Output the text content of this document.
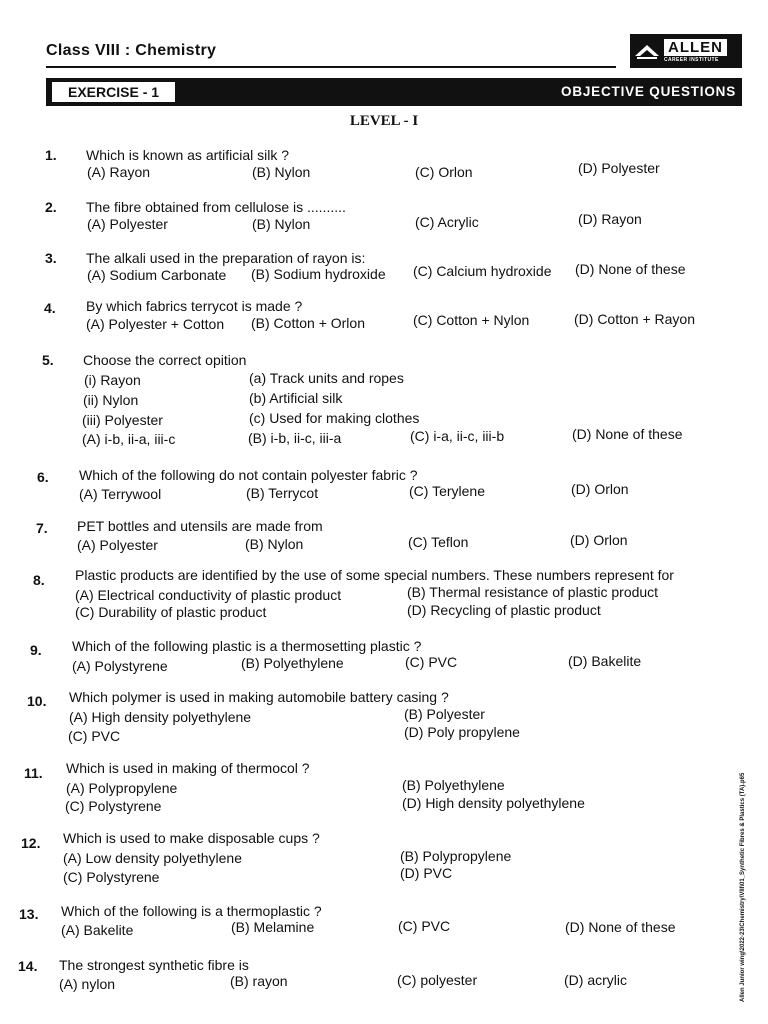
Class VIII : Chemistry	ALLEN
CAREER INSTITUTE
EXERCISE - 1	OBJECTIVE QUESTIONS
LEVEL - I
1. Which is known as artificial silk ?
(A) Rayon	(B) Nylon	(C) Orlon	(D) Polyester
2. The fibre obtained from cellulose is ..........
(A) Polyester	(B) Nylon	(C) Acrylic	(D) Rayon
3. The alkali used in the preparation of rayon is:
(A) Sodium Carbonate (B) Sodium hydroxide (C) Calcium hydroxide (D) None of these
4. By which fabrics terrycot is made ?
(A) Polyester + Cotton (B) Cotton + Orlon	(C) Cotton + Nylon	(D) Cotton + Rayon
5. Choose the correct opition
(i) Rayon	(a) Track units and ropes
(ii) Nylon	(b) Artificial silk
(iii) Polyester	(c) Used for making clothes
(A) i-b, ii-a, iii-c	(B) i-b, ii-c, iii-a	(C) i-a, ii-c, iii-b	(D) None of these
6. Which of the following do not contain polyester fabric ?
(A) Terrywool	(B) Terrycot	(C) Terylene	(D) Orlon
7. PET bottles and utensils are made from
(A) Polyester	(B) Nylon	(C) Teflon	(D) Orlon
8. Plastic products are identified by the use of some special numbers. These numbers represent for
(A) Electrical conductivity of plastic product	(B) Thermal resistance of plastic product
(C) Durability of plastic product	(D) Recycling of plastic product
9. Which of the following plastic is a thermosetting plastic ?
(A) Polystyrene	(B) Polyethylene	(C) PVC	(D) Bakelite
10. Which polymer is used in making automobile battery casing ?
(A) High density polyethylene	(B) Polyester
(C) PVC	(D) Poly propylene
11. Which is used in making of thermocol ?
(A) Polypropylene	(B) Polyethylene
(C) Polystyrene	(D) High density polyethylene
12. Which is used to make disposable cups ?
(A) Low density polyethylene	(B) Polypropylene
(C) Polystyrene	(D) PVC
13. Which of the following is a thermoplastic ?
(A) Bakelite	(B) Melamine	(C) PVC	(D) None of these
14. The strongest synthetic fibre is
(A) nylon	(B) rayon	(C) polyester	(D) acrylic	Allen Junior wing\2022-23\Chemistry\VIII\01_Synthetic Fibres & Plastics (TA).p65
